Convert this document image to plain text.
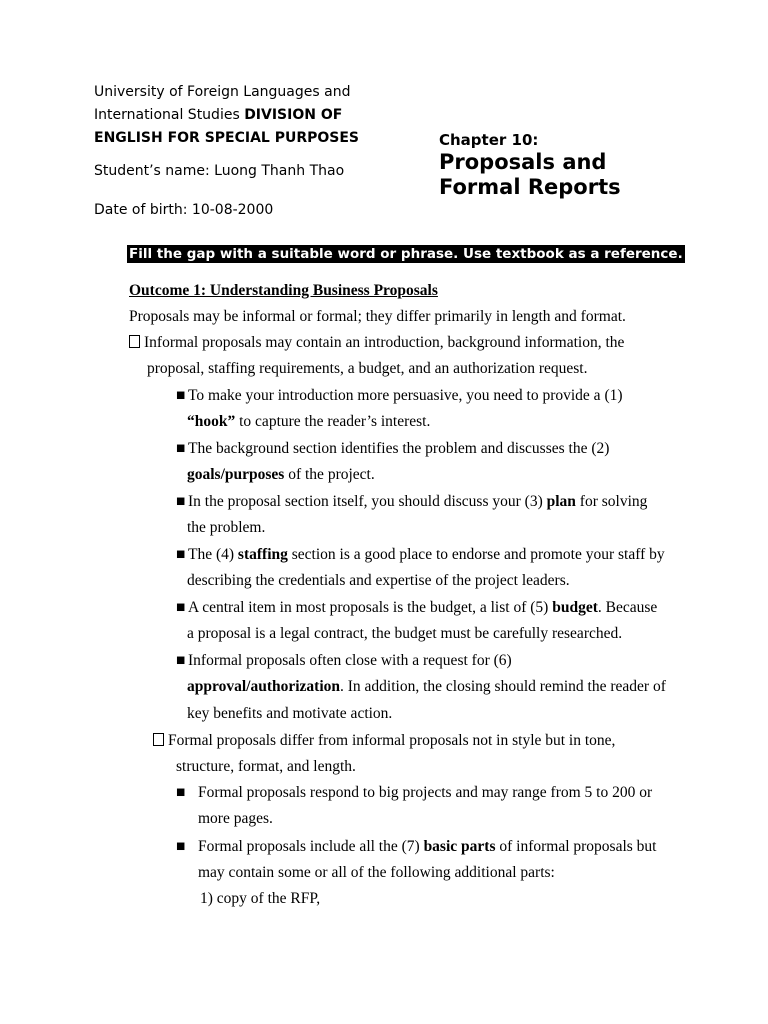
University of Foreign Languages and
International Studies DIVISION OF
ENGLISH FOR SPECIAL PURPOSES
Student’s name: Luong Thanh Thao
Date of birth: 10-08-2000
Chapter 10:
Proposals and
Formal Reports
Fill the gap with a suitable word or phrase. Use textbook as a reference.
Outcome 1: Understanding Business Proposals
Proposals may be informal or formal; they differ primarily in length and format.
Informal proposals may contain an introduction, background information, the
proposal, staffing requirements, a budget, and an authorization request.
■ To make your introduction more persuasive, you need to provide a (1)
“hook” to capture the reader’s interest.
■ The background section identifies the problem and discusses the (2)
goals/purposes of the project.
■ In the proposal section itself, you should discuss your (3) plan for solving
the problem.
■ The (4) staffing section is a good place to endorse and promote your staff by
describing the credentials and expertise of the project leaders.
■ A central item in most proposals is the budget, a list of (5) budget. Because
a proposal is a legal contract, the budget must be carefully researched.
■ Informal proposals often close with a request for (6)
approval/authorization. In addition, the closing should remind the reader of
key benefits and motivate action.
Formal proposals differ from informal proposals not in style but in tone,
structure, format, and length.
■ Formal proposals respond to big projects and may range from 5 to 200 or
more pages.
■ Formal proposals include all the (7) basic parts of informal proposals but
may contain some or all of the following additional parts:
1) copy of the RFP,
